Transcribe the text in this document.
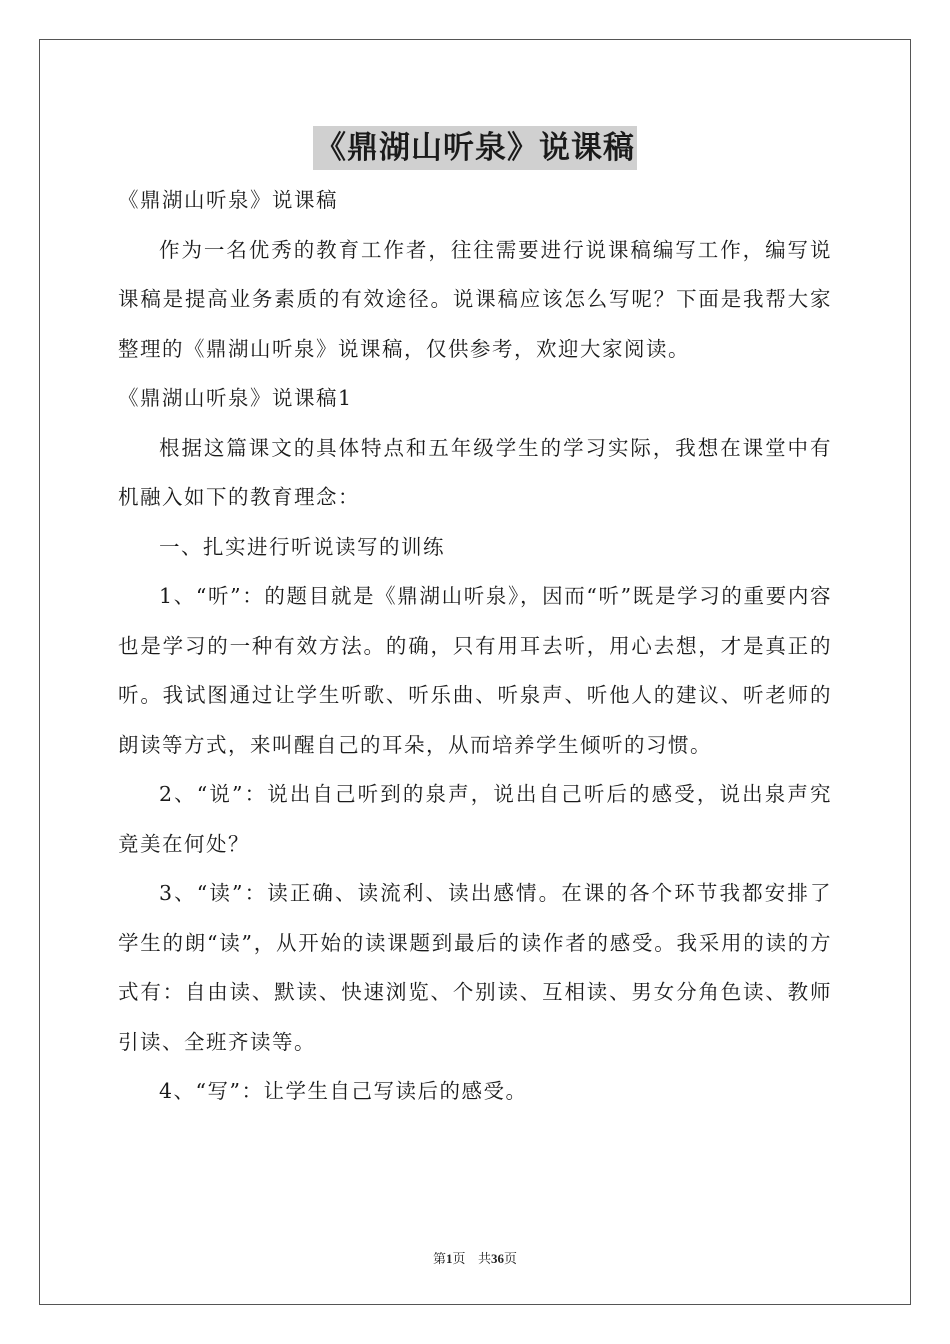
《鼎湖山听泉》说课稿
《鼎湖山听泉》说课稿
作为一名优秀的教育工作者，往往需要进行说课稿编写工作，编写说课稿是提高业务素质的有效途径。说课稿应该怎么写呢？下面是我帮大家整理的《鼎湖山听泉》说课稿，仅供参考，欢迎大家阅读。
《鼎湖山听泉》说课稿1
根据这篇课文的具体特点和五年级学生的学习实际，我想在课堂中有机融入如下的教育理念：
一、扎实进行听说读写的训练
1、“听”：的题目就是《鼎湖山听泉》，因而“听”既是学习的重要内容也是学习的一种有效方法。的确，只有用耳去听，用心去想，才是真正的听。我试图通过让学生听歌、听乐曲、听泉声、听他人的建议、听老师的朗读等方式，来叫醒自己的耳朵，从而培养学生倾听的习惯。
2、“说”：说出自己听到的泉声，说出自己听后的感受，说出泉声究竟美在何处？
3、“读”：读正确、读流利、读出感情。在课的各个环节我都安排了学生的朗“读”，从开始的读课题到最后的读作者的感受。我采用的读的方式有：自由读、默读、快速浏览、个别读、互相读、男女分角色读、教师引读、全班齐读等。
4、“写”：让学生自己写读后的感受。
第1页 共36页
